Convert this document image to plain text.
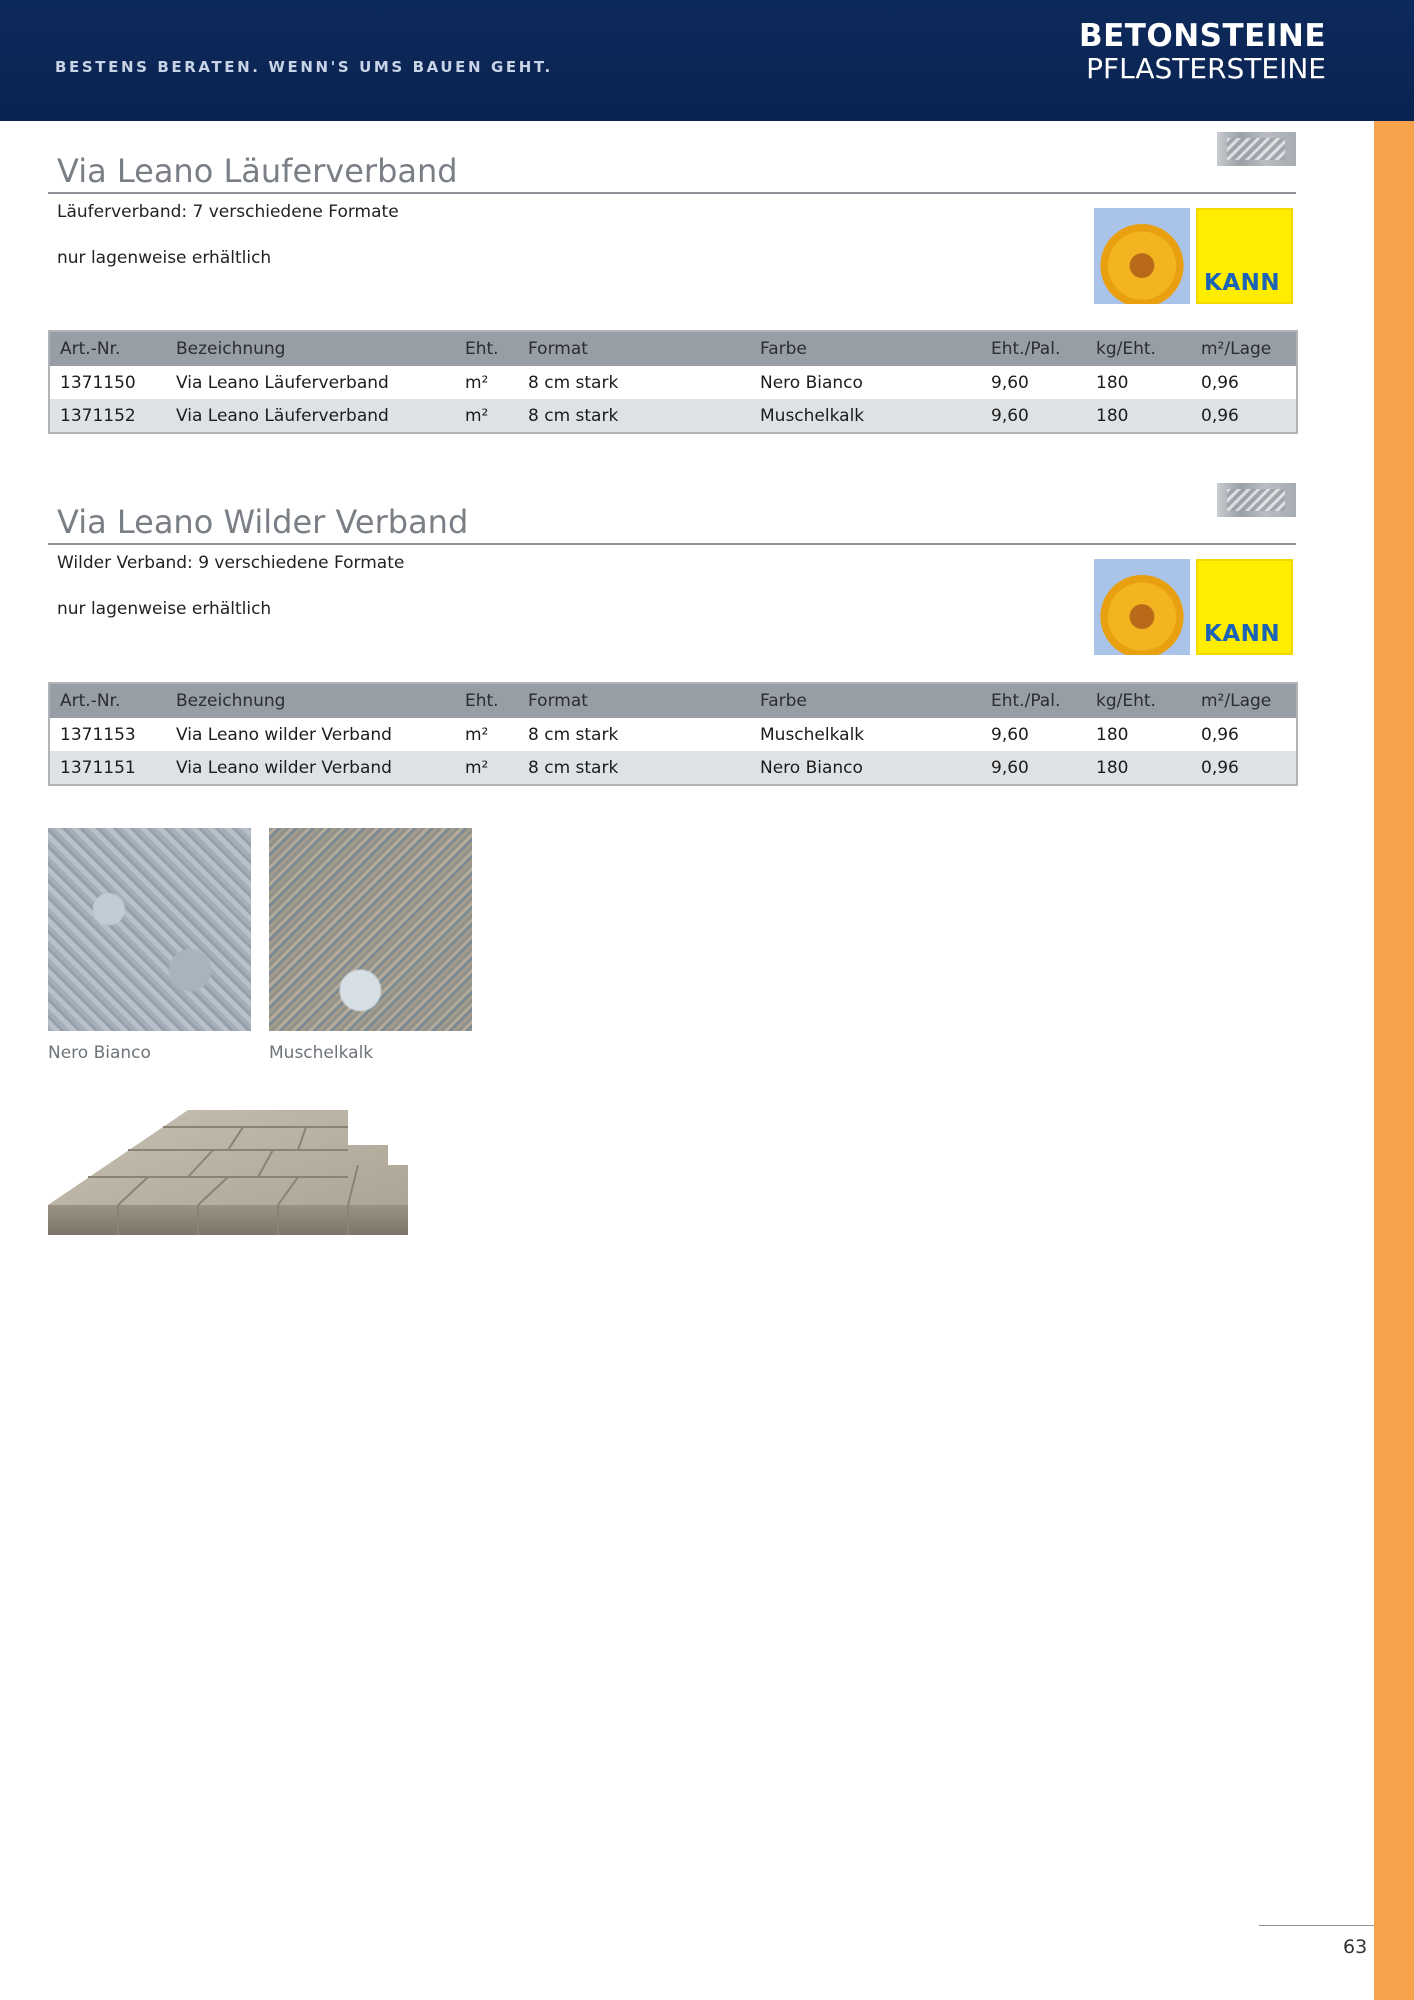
BESTENS BERATEN. WENN'S UMS BAUEN GEHT.
BETONSTEINE
PFLASTERSTEINE
Via Leano Läuferverband
Läuferverband: 7 verschiedene Formate
nur lagenweise erhältlich
KANN
Art.-Nr.	Bezeichnung	Eht.	Format	Farbe	Eht./Pal.	kg/Eht.	m²/Lage
1371150	Via Leano Läuferverband	m²	8 cm stark	Nero Bianco	9,60	180	0,96
1371152	Via Leano Läuferverband	m²	8 cm stark	Muschelkalk	9,60	180	0,96
Via Leano Wilder Verband
Wilder Verband: 9 verschiedene Formate
nur lagenweise erhältlich
KANN
Art.-Nr.	Bezeichnung	Eht.	Format	Farbe	Eht./Pal.	kg/Eht.	m²/Lage
1371153	Via Leano wilder Verband	m²	8 cm stark	Muschelkalk	9,60	180	0,96
1371151	Via Leano wilder Verband	m²	8 cm stark	Nero Bianco	9,60	180	0,96
Nero Bianco	Muschelkalk
63
